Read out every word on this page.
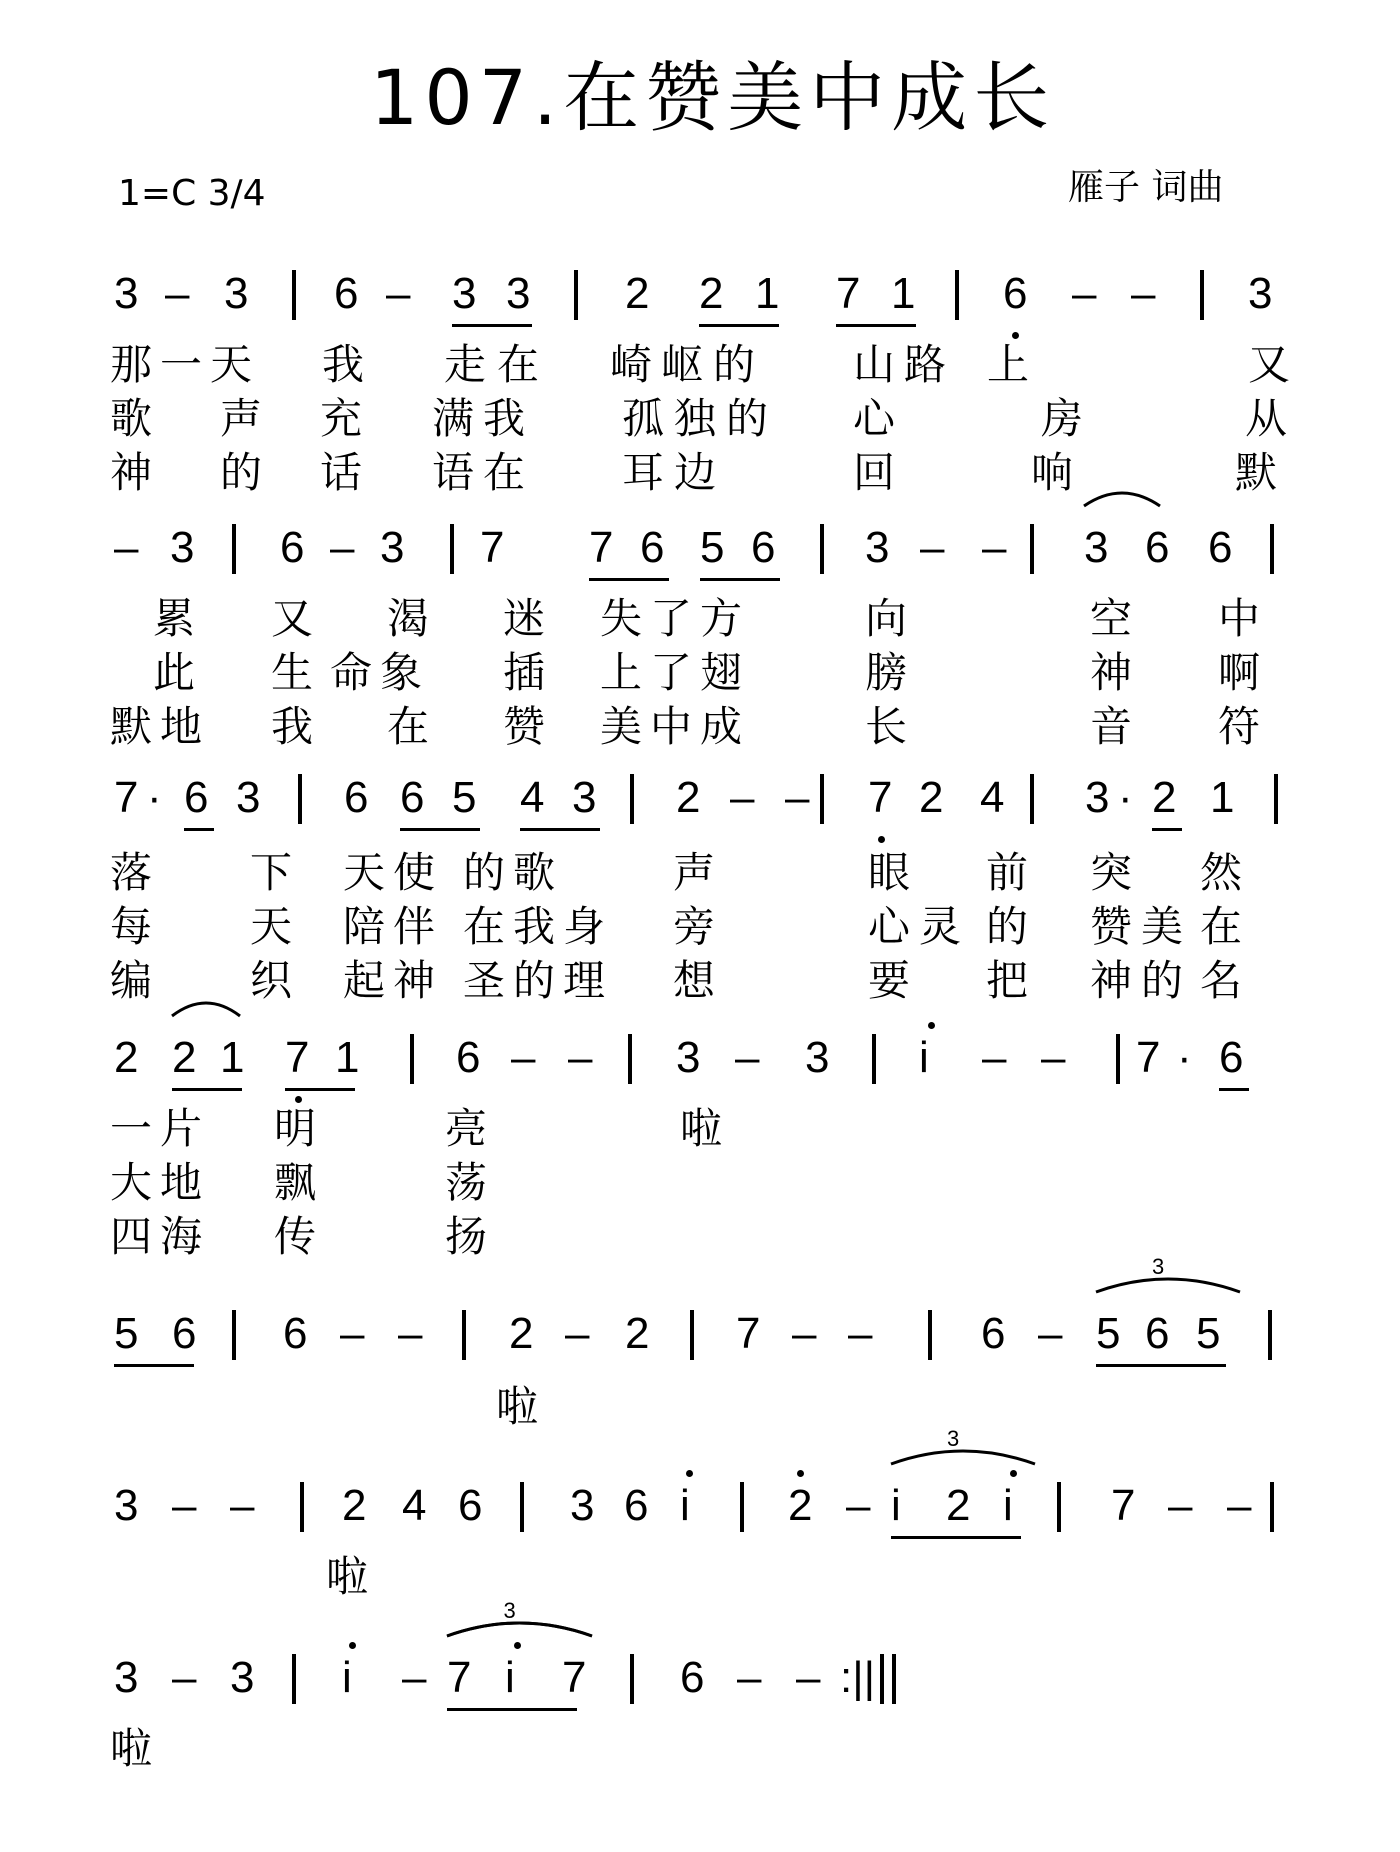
107.在赞美中成长
1=C 3/4	雁子 词曲
3 – 3 6 – 3 3 2 2 1 7 1 6 – – 3
那 一 天 我 走 在 崎 岖 的 山 路 上	又
歌 声 充 满 我 孤 独 的 心	房	从
神 的 话 语 在 耳 边	回	响	默
– 3 6 – 3 7 7 6 5 6 3 – – 3 6 6
累 又 渴 迷 失 了 方	向	空 中
此 生 命 象 插 上 了 翅	膀	神 啊
默 地 我 在 赞 美 中 成	长	音 符
7 · 6 3 6 6 5 4 3 2 – – 7 2 4 3 · 2 1
落 下 天 使 的 歌	声	眼 前 突 然
每 天 陪 伴 在 我 身 旁	心 灵 的 赞 美 在
编 织 起 神 圣 的 理 想	要 把 神 的 名
2 2 1 7 1 6 – – 3 – 3 i – – 7 · 6
一 片 明	亮	啦
大 地 飘	荡
四 海 传	扬
5 6 6 – – 2 – 2 7 – – 6 – 5 6 5
3
啦
3 – – 2 4 6 3 6 i 2 – i 2 i 7 – –
3
啦
3 – 3 i – 7 i 7 6 – – :||
3
啦
